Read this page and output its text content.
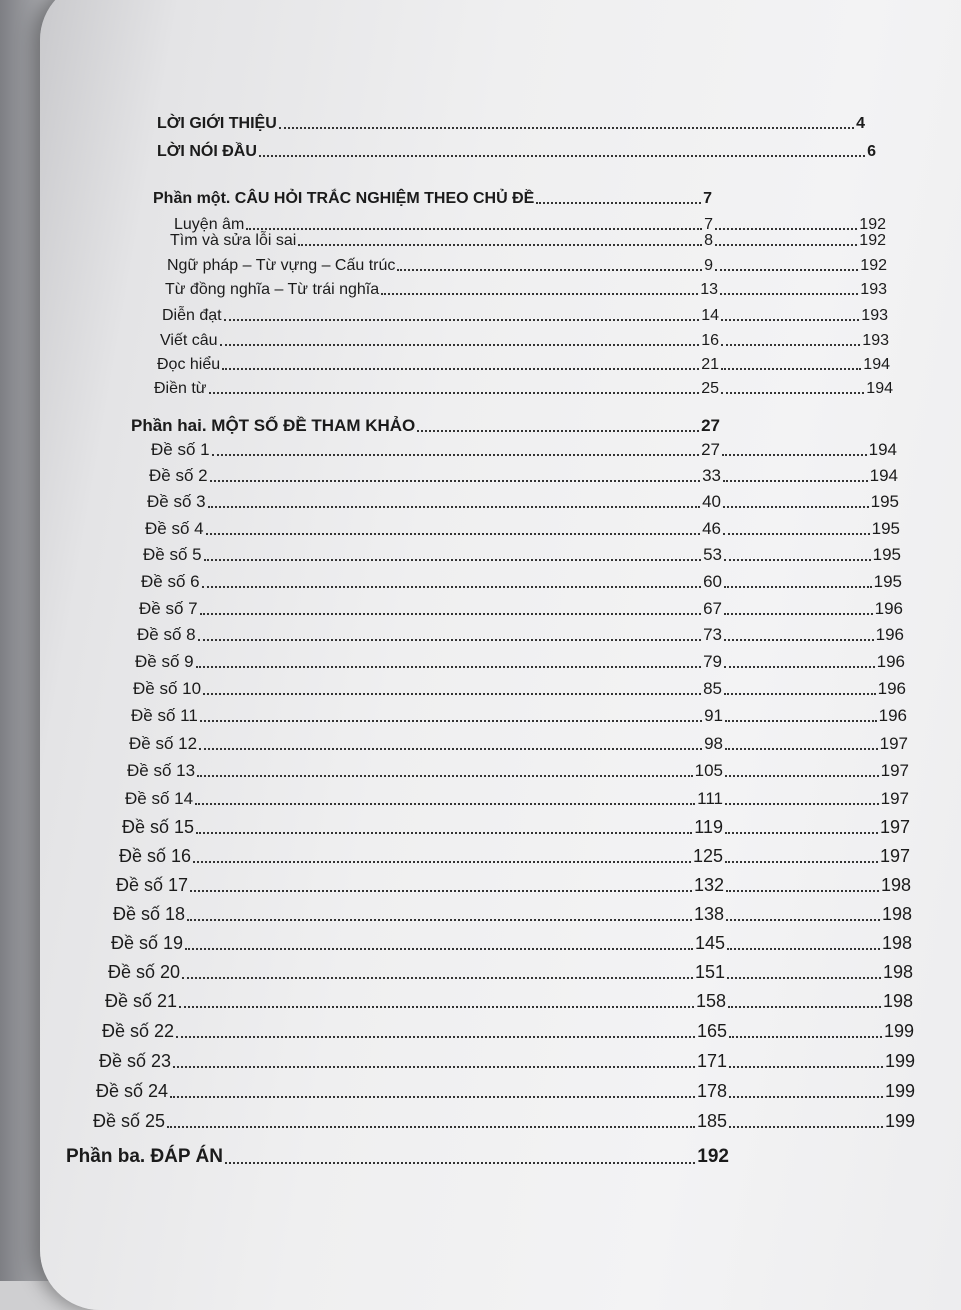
LỜI GIỚI THIỆU	4
LỜI NÓI ĐẦU	6
Phần một. CÂU HỎI TRẮC NGHIỆM THEO CHỦ ĐỀ	7
Luyện âm	7	192
Tìm và sửa lỗi sai	8	192
Ngữ pháp – Từ vựng – Cấu trúc	9	192
Từ đồng nghĩa – Từ trái nghĩa	13	193
Diễn đạt	14	193
Viết câu	16	193
Đọc hiểu	21	194
Điền từ	25	194
Phần hai. MỘT SỐ ĐỀ THAM KHẢO	27
Đề số 1	27	194
Đề số 2	33	194
Đề số 3	40	195
Đề số 4	46	195
Đề số 5	53	195
Đề số 6	60	195
Đề số 7	67	196
Đề số 8	73	196
Đề số 9	79	196
Đề số 10	85	196
Đề số 11	91	196
Đề số 12	98	197
Đề số 13	105	197
Đề số 14	111	197
Đề số 15	119	197
Đề số 16	125	197
Đề số 17	132	198
Đề số 18	138	198
Đề số 19	145	198
Đề số 20	151	198
Đề số 21	158	198
Đề số 22	165	199
Đề số 23	171	199
Đề số 24	178	199
Đề số 25	185	199
Phần ba. ĐÁP ÁN	192
